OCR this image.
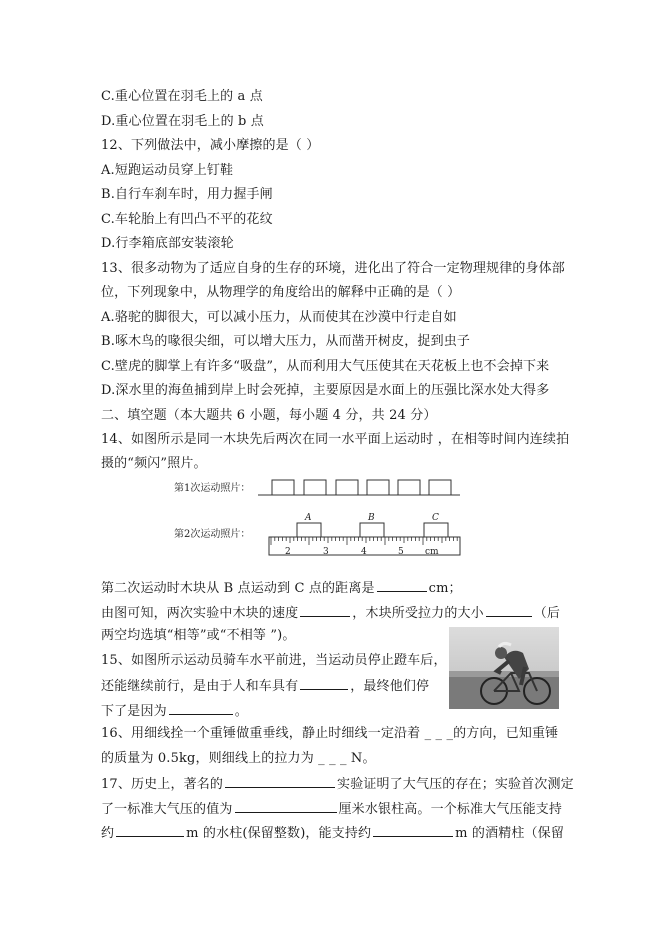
C.重心位置在羽毛上的 a 点
D.重心位置在羽毛上的 b 点
12、下列做法中，减小摩擦的是（ ）
A.短跑运动员穿上钉鞋
B.自行车刹车时，用力握手闸
C.车轮胎上有凹凸不平的花纹
D.行李箱底部安装滚轮
13、很多动物为了适应自身的生存的环境，进化出了符合一定物理规律的身体部
位，下列现象中，从物理学的角度给出的解释中正确的是（ ）
A.骆驼的脚很大，可以减小压力，从而使其在沙漠中行走自如
B.啄木鸟的喙很尖细，可以增大压力，从而凿开树皮，捉到虫子
C.壁虎的脚掌上有许多“吸盘”，从而利用大气压使其在天花板上也不会掉下来
D.深水里的海鱼捕到岸上时会死掉，主要原因是水面上的压强比深水处大得多
二、填空题（本大题共 6 小题，每小题 4 分，共 24 分）
14、如图所示是同一木块先后两次在同一水平面上运动时 ，在相等时间内连续拍
摄的“频闪”照片。
第1次运动照片：
第2次运动照片：
A	B	C
2	3	4	5 cm
第二次运动时木块从 B 点运动到 C 点的距离是	cm；
由图可知，两次实验中木块的速度	，木块所受拉力的大小	（后
两空均选填“相等”或“不相等 ”)。
15、如图所示运动员骑车水平前进，当运动员停止蹬车后，
还能继续前行，是由于人和车具有	，最终他们停
下了是因为	。
16、用细线拴一个重锤做重垂线，静止时细线一定沿着 _ _ _的方向，已知重锤
的质量为 0.5kg，则细线上的拉力为 _ _ _ N。
17、历史上，著名的	实验证明了大气压的存在；实验首次测定
了一标准大气压的值为	厘米水银柱高。一个标准大气压能支持
约	m 的水柱(保留整数)，能支持约	m 的酒精柱（保留
